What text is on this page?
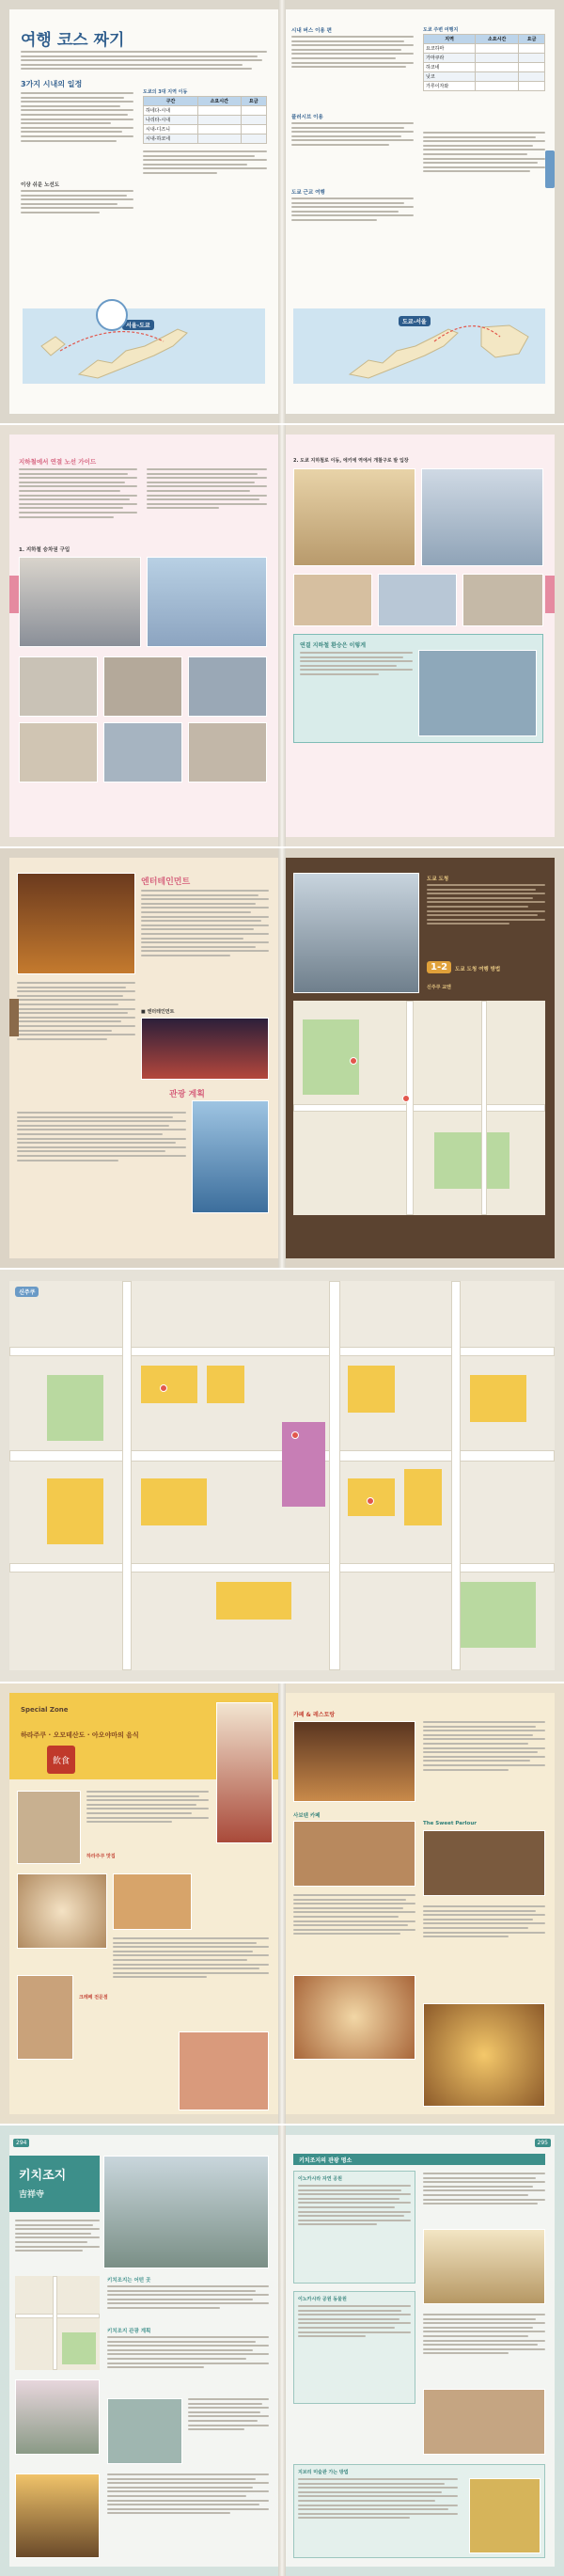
여행 코스 짜기
3가지 시내의 일정
이상 쉬운 노선도
도쿄의 3대 지역 이동
구간	소요시간	요금
하네다-시내		
나리타-시내		
시내-디즈니		
시내-하코네		
서울-도쿄
시내 버스 이용 편
플러시브 이용
도쿄 근교 여행
도쿄 주변 여행지
지역	소요시간	요금
요코하마		
가마쿠라		
하코네		
닛코		
가루이자와		
도쿄-서울
지하철에서 연결 노선 가이드
1. 지하철 승차권 구입
2. 도쿄 지하철로 이동, 에키에 역에서 개찰구로 발 입장
연결 지하철 환승은 이렇게
엔터테인먼트
■ 엔터테인먼트
관광 계획
도쿄 도청
1-2	도쿄 도청 여행 방법
신주쿠 교엔
신주쿠
Special Zone
하라주쿠 · 오모테산도 · 아오야마의 음식
飲食
하라주쿠 맛집
크레페 전문점
카페 & 레스토랑
사보텐 카페
The Sweet Parlour
294
키치조지
吉祥寺
키치조지는 어떤 곳
키치조지 관광 계획
295
키치조지의 관광 명소
이노카시라 자연 공원
이노카시라 공원 동물원
지브리 미술관 가는 방법
